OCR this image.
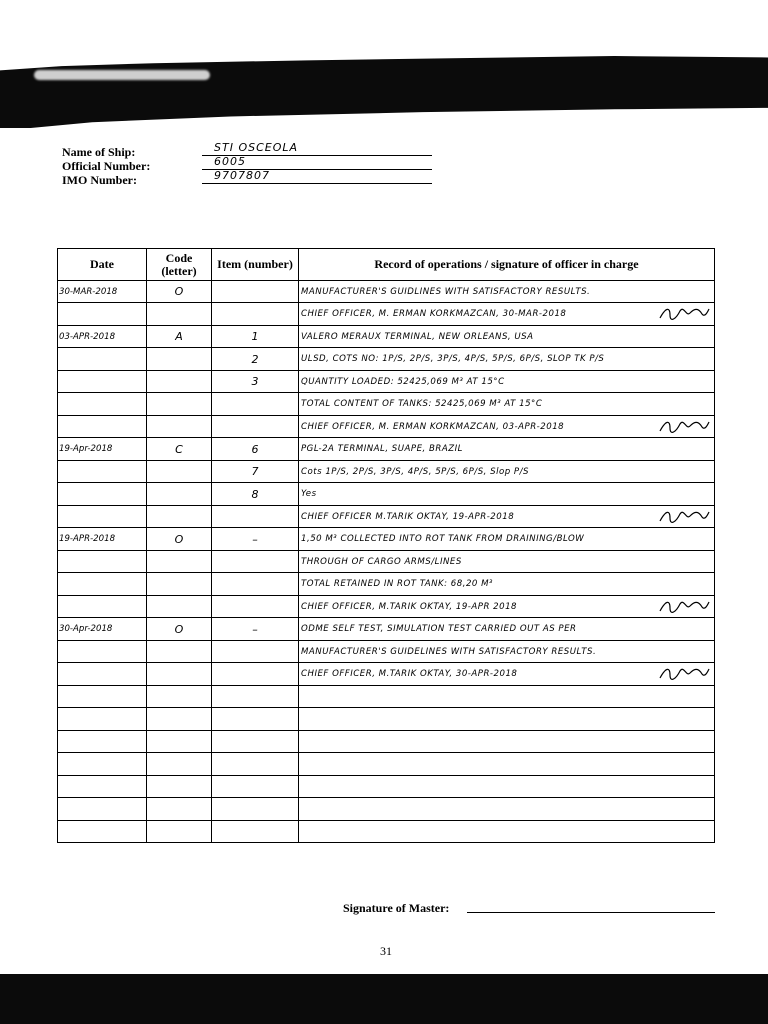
Name of Ship:	STI OSCEOLA
Official Number:	6005
IMO Number:	9707807
Date	Code (letter)	Item (number)	Record of operations / signature of officer in charge
30-MAR-2018	O		MANUFACTURER'S GUIDLINES WITH SATISFACTORY RESULTS.
			CHIEF OFFICER, M. ERMAN KORKMAZCAN, 30-MAR-2018

03-APR-2018	A	1	VALERO MERAUX TERMINAL, NEW ORLEANS, USA
		2	ULSD, COTS NO: 1P/S, 2P/S, 3P/S, 4P/S, 5P/S, 6P/S, SLOP TK P/S
		3	QUANTITY LOADED: 52425,069 M³ AT 15°C
			TOTAL CONTENT OF TANKS: 52425,069 M³ AT 15°C
			CHIEF OFFICER, M. ERMAN KORKMAZCAN, 03-APR-2018

19-Apr-2018	C	6	PGL-2A TERMINAL, SUAPE, BRAZIL
		7	Cots 1P/S, 2P/S, 3P/S, 4P/S, 5P/S, 6P/S, Slop P/S
		8	Yes
			CHIEF OFFICER M.TARIK OKTAY, 19-APR-2018

19-APR-2018	O	–	1,50 M³ COLLECTED INTO ROT TANK FROM DRAINING/BLOW
			THROUGH OF CARGO ARMS/LINES
			TOTAL RETAINED IN ROT TANK: 68,20 M³
			CHIEF OFFICER, M.TARIK OKTAY, 19-APR 2018

30-Apr-2018	O	–	ODME SELF TEST, SIMULATION TEST CARRIED OUT AS PER
			MANUFACTURER'S GUIDELINES WITH SATISFACTORY RESULTS.
			CHIEF OFFICER, M.TARIK OKTAY, 30-APR-2018

Signature of Master:
31
